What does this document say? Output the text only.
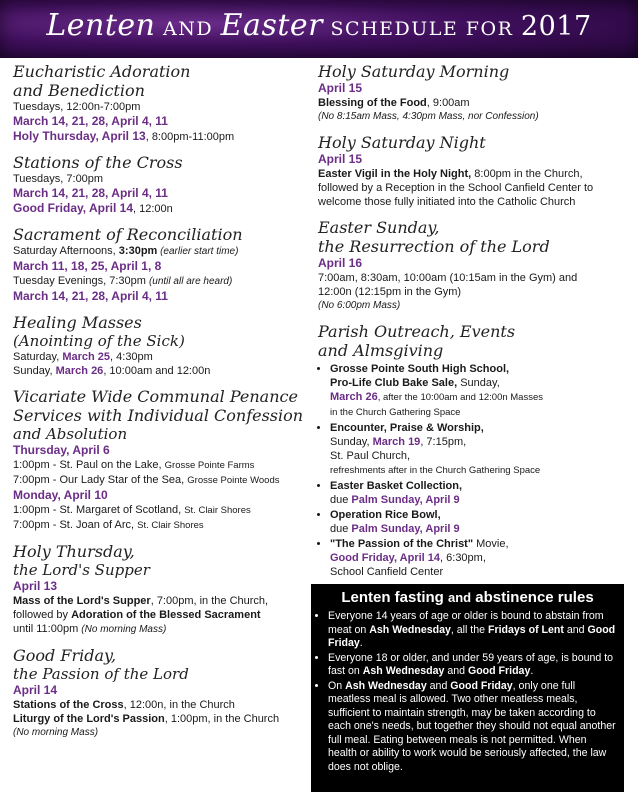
Lenten AND Easter SCHEDULE FOR 2017
Eucharistic Adoration
and Benediction
Tuesdays, 12:00n-7:00pm
March 14, 21, 28, April 4, 11
Holy Thursday, April 13, 8:00pm-11:00pm
Stations of the Cross
Tuesdays, 7:00pm
March 14, 21, 28, April 4, 11
Good Friday, April 14, 12:00n
Sacrament of Reconciliation
Saturday Afternoons, 3:30pm (earlier start time)
March 11, 18, 25, April 1, 8
Tuesday Evenings, 7:30pm (until all are heard)
March 14, 21, 28, April 4, 11
Healing Masses
(Anointing of the Sick)
Saturday, March 25, 4:30pm
Sunday, March 26, 10:00am and 12:00n
Vicariate Wide Communal Penance
Services with Individual Confession
and Absolution
Thursday, April 6
1:00pm - St. Paul on the Lake, Grosse Pointe Farms
7:00pm - Our Lady Star of the Sea, Grosse Pointe Woods
Monday, April 10
1:00pm - St. Margaret of Scotland, St. Clair Shores
7:00pm - St. Joan of Arc, St. Clair Shores
Holy Thursday,
the Lord's Supper
April 13
Mass of the Lord's Supper, 7:00pm, in the Church,
followed by Adoration of the Blessed Sacrament
until 11:00pm (No morning Mass)
Good Friday,
the Passion of the Lord
April 14
Stations of the Cross, 12:00n, in the Church
Liturgy of the Lord's Passion, 1:00pm, in the Church
(No morning Mass)
Holy Saturday Morning
April 15
Blessing of the Food, 9:00am
(No 8:15am Mass, 4:30pm Mass, nor Confession)
Holy Saturday Night
April 15
Easter Vigil in the Holy Night, 8:00pm in the Church,
followed by a Reception in the School Canfield Center to
welcome those fully initiated into the Catholic Church
Easter Sunday,
the Resurrection of the Lord
April 16
7:00am, 8:30am, 10:00am (10:15am in the Gym) and
12:00n (12:15pm in the Gym)
(No 6:00pm Mass)
Parish Outreach, Events
and Almsgiving
• Grosse Pointe South High School,
Pro-Life Club Bake Sale, Sunday,
March 26, after the 10:00am and 12:00n Masses
in the Church Gathering Space
• Encounter, Praise & Worship,
Sunday, March 19, 7:15pm,
St. Paul Church,
refreshments after in the Church Gathering Space
• Easter Basket Collection,
due Palm Sunday, April 9
• Operation Rice Bowl,
due Palm Sunday, April 9
• "The Passion of the Christ" Movie,
Good Friday, April 14, 6:30pm,
School Canfield Center
Lenten fasting and abstinence rules
• Everyone 14 years of age or older is bound to abstain from meat on Ash Wednesday, all the Fridays of Lent and Good Friday.
• Everyone 18 or older, and under 59 years of age, is bound to fast on Ash Wednesday and Good Friday.
• On Ash Wednesday and Good Friday, only one full meatless meal is allowed. Two other meatless meals, sufficient to maintain strength, may be taken according to each one's needs, but together they should not equal another full meal. Eating between meals is not permitted. When health or ability to work would be seriously affected, the law does not oblige.
